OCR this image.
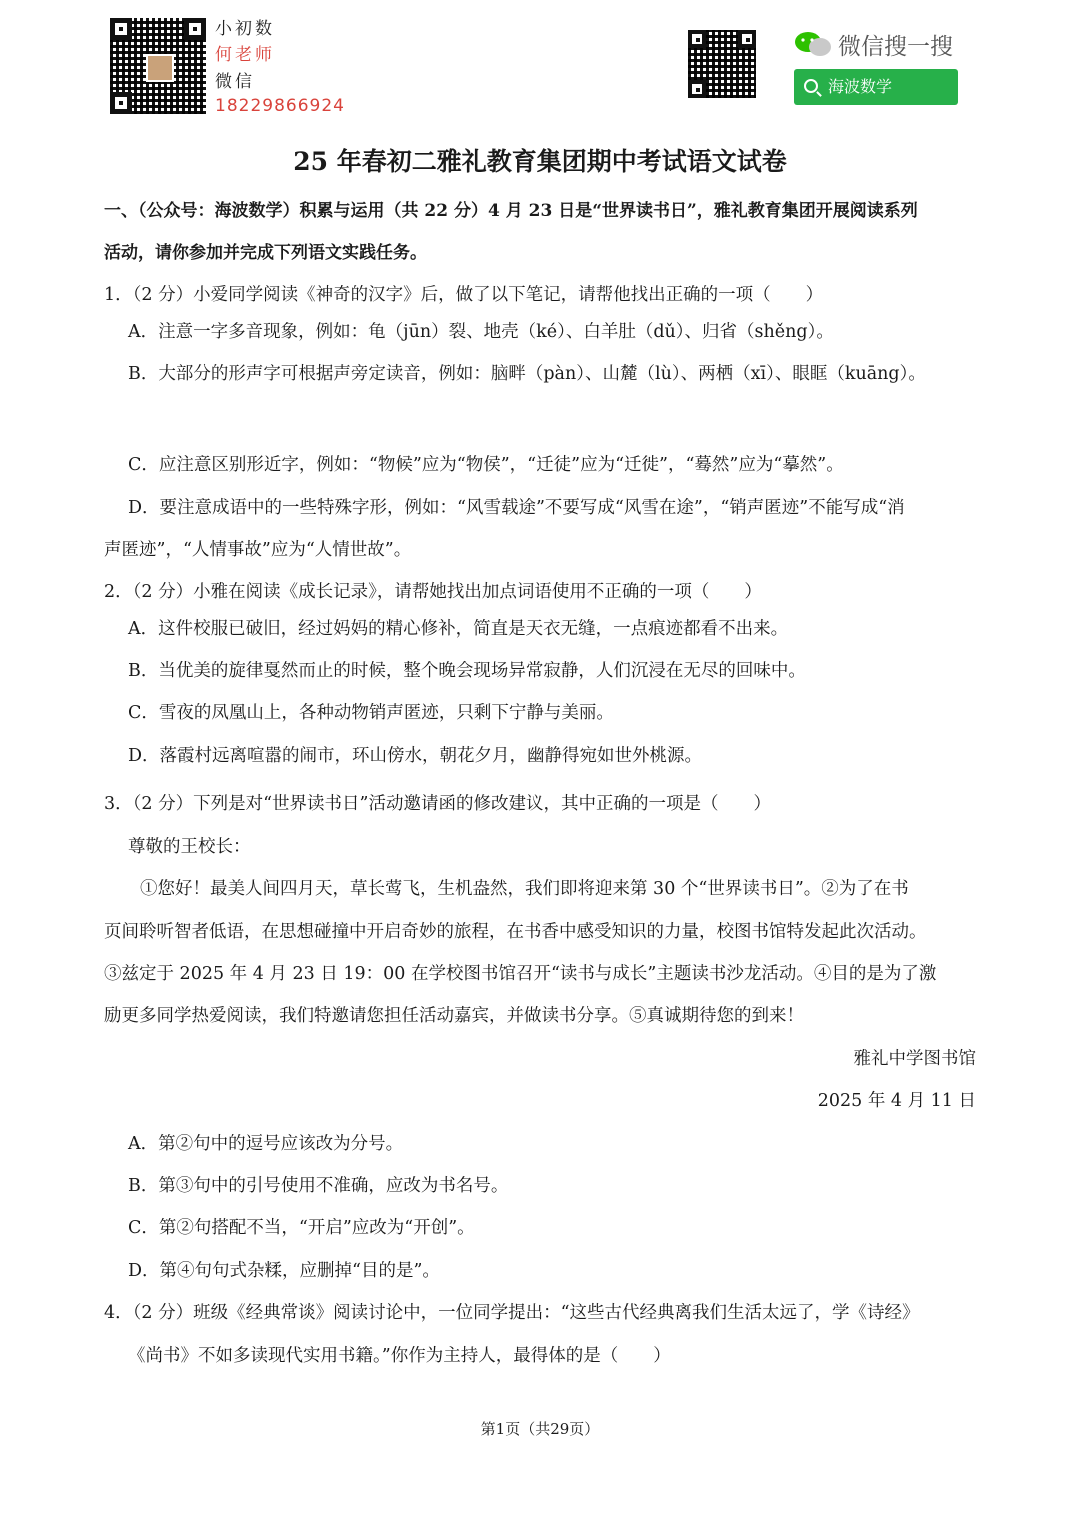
小初数
何老师
微信
18229866924
微信搜一搜
海波数学
25 年春初二雅礼教育集团期中考试语文试卷
一、（公众号：海波数学）积累与运用（共 22 分）4 月 23 日是“世界读书日”，雅礼教育集团开展阅读系列
活动，请你参加并完成下列语文实践任务。
1．（2 分）小爱同学阅读《神奇的汉字》后，做了以下笔记，请帮他找出正确的一项（　　）
A．注意一字多音现象，例如：龟（jūn）裂、地壳（ké）、白羊肚（dǔ）、归省（shěng）。
B．大部分的形声字可根据声旁定读音，例如：脑畔（pàn）、山麓（lù）、两栖（xī）、眼眶（kuāng）。
C．应注意区别形近字，例如：“物候”应为“物侯”，“迁徒”应为“迁徙”，“蓦然”应为“摹然”。
D．要注意成语中的一些特殊字形，例如：“风雪载途”不要写成“风雪在途”，“销声匿迹”不能写成“消
声匿迹”，“人情事故”应为“人情世故”。
2．（2 分）小雅在阅读《成长记录》，请帮她找出加点词语使用不正确的一项（　　）
A．这件校服已破旧，经过妈妈的精心修补，简直是天衣无缝，一点痕迹都看不出来。
B．当优美的旋律戛然而止的时候，整个晚会现场异常寂静，人们沉浸在无尽的回味中。
C．雪夜的凤凰山上，各种动物销声匿迹，只剩下宁静与美丽。
D．落霞村远离喧嚣的闹市，环山傍水，朝花夕月，幽静得宛如世外桃源。
3．（2 分）下列是对“世界读书日”活动邀请函的修改建议，其中正确的一项是（　　）
尊敬的王校长：
①您好！最美人间四月天，草长莺飞，生机盎然，我们即将迎来第 30 个“世界读书日”。②为了在书
页间聆听智者低语，在思想碰撞中开启奇妙的旅程，在书香中感受知识的力量，校图书馆特发起此次活动。
③兹定于 2025 年 4 月 23 日 19：00 在学校图书馆召开“读书与成长”主题读书沙龙活动。④目的是为了激
励更多同学热爱阅读，我们特邀请您担任活动嘉宾，并做读书分享。⑤真诚期待您的到来！
雅礼中学图书馆
2025 年 4 月 11 日
A．第②句中的逗号应该改为分号。
B．第③句中的引号使用不准确，应改为书名号。
C．第②句搭配不当，“开启”应改为“开创”。
D．第④句句式杂糅，应删掉“目的是”。
4．（2 分）班级《经典常谈》阅读讨论中，一位同学提出：“这些古代经典离我们生活太远了，学《诗经》
《尚书》不如多读现代实用书籍。”你作为主持人，最得体的是（　　）
第1页（共29页）
